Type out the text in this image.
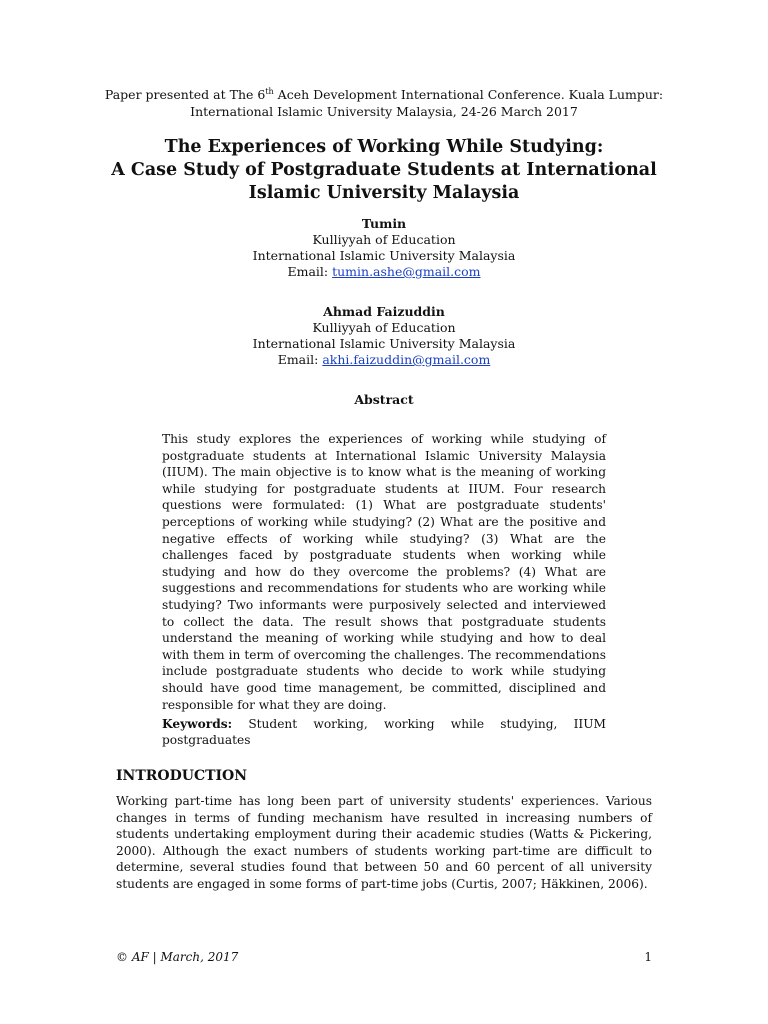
Paper presented at The 6th Aceh Development International Conference. Kuala Lumpur:
International Islamic University Malaysia, 24-26 March 2017
The Experiences of Working While Studying:
A Case Study of Postgraduate Students at International
Islamic University Malaysia
Tumin
Kulliyyah of Education
International Islamic University Malaysia
Email: tumin.ashe@gmail.com
Ahmad Faizuddin
Kulliyyah of Education
International Islamic University Malaysia
Email: akhi.faizuddin@gmail.com
Abstract
This study explores the experiences of working while studying of postgraduate students at International Islamic University Malaysia (IIUM). The main objective is to know what is the meaning of working while studying for postgraduate students at IIUM. Four research questions were formulated: (1) What are postgraduate students' perceptions of working while studying? (2) What are the positive and negative effects of working while studying? (3) What are the challenges faced by postgraduate students when working while studying and how do they overcome the problems? (4) What are suggestions and recommendations for students who are working while studying? Two informants were purposively selected and interviewed to collect the data. The result shows that postgraduate students understand the meaning of working while studying and how to deal with them in term of overcoming the challenges. The recommendations include postgraduate students who decide to work while studying should have good time management, be committed, disciplined and responsible for what they are doing.
Keywords: Student working, working while studying, IIUM postgraduates
INTRODUCTION
Working part-time has long been part of university students' experiences. Various changes in terms of funding mechanism have resulted in increasing numbers of students undertaking employment during their academic studies (Watts & Pickering, 2000). Although the exact numbers of students working part-time are difficult to determine, several studies found that between 50 and 60 percent of all university students are engaged in some forms of part-time jobs (Curtis, 2007; Häkkinen, 2006).
© AF | March, 2017	1
